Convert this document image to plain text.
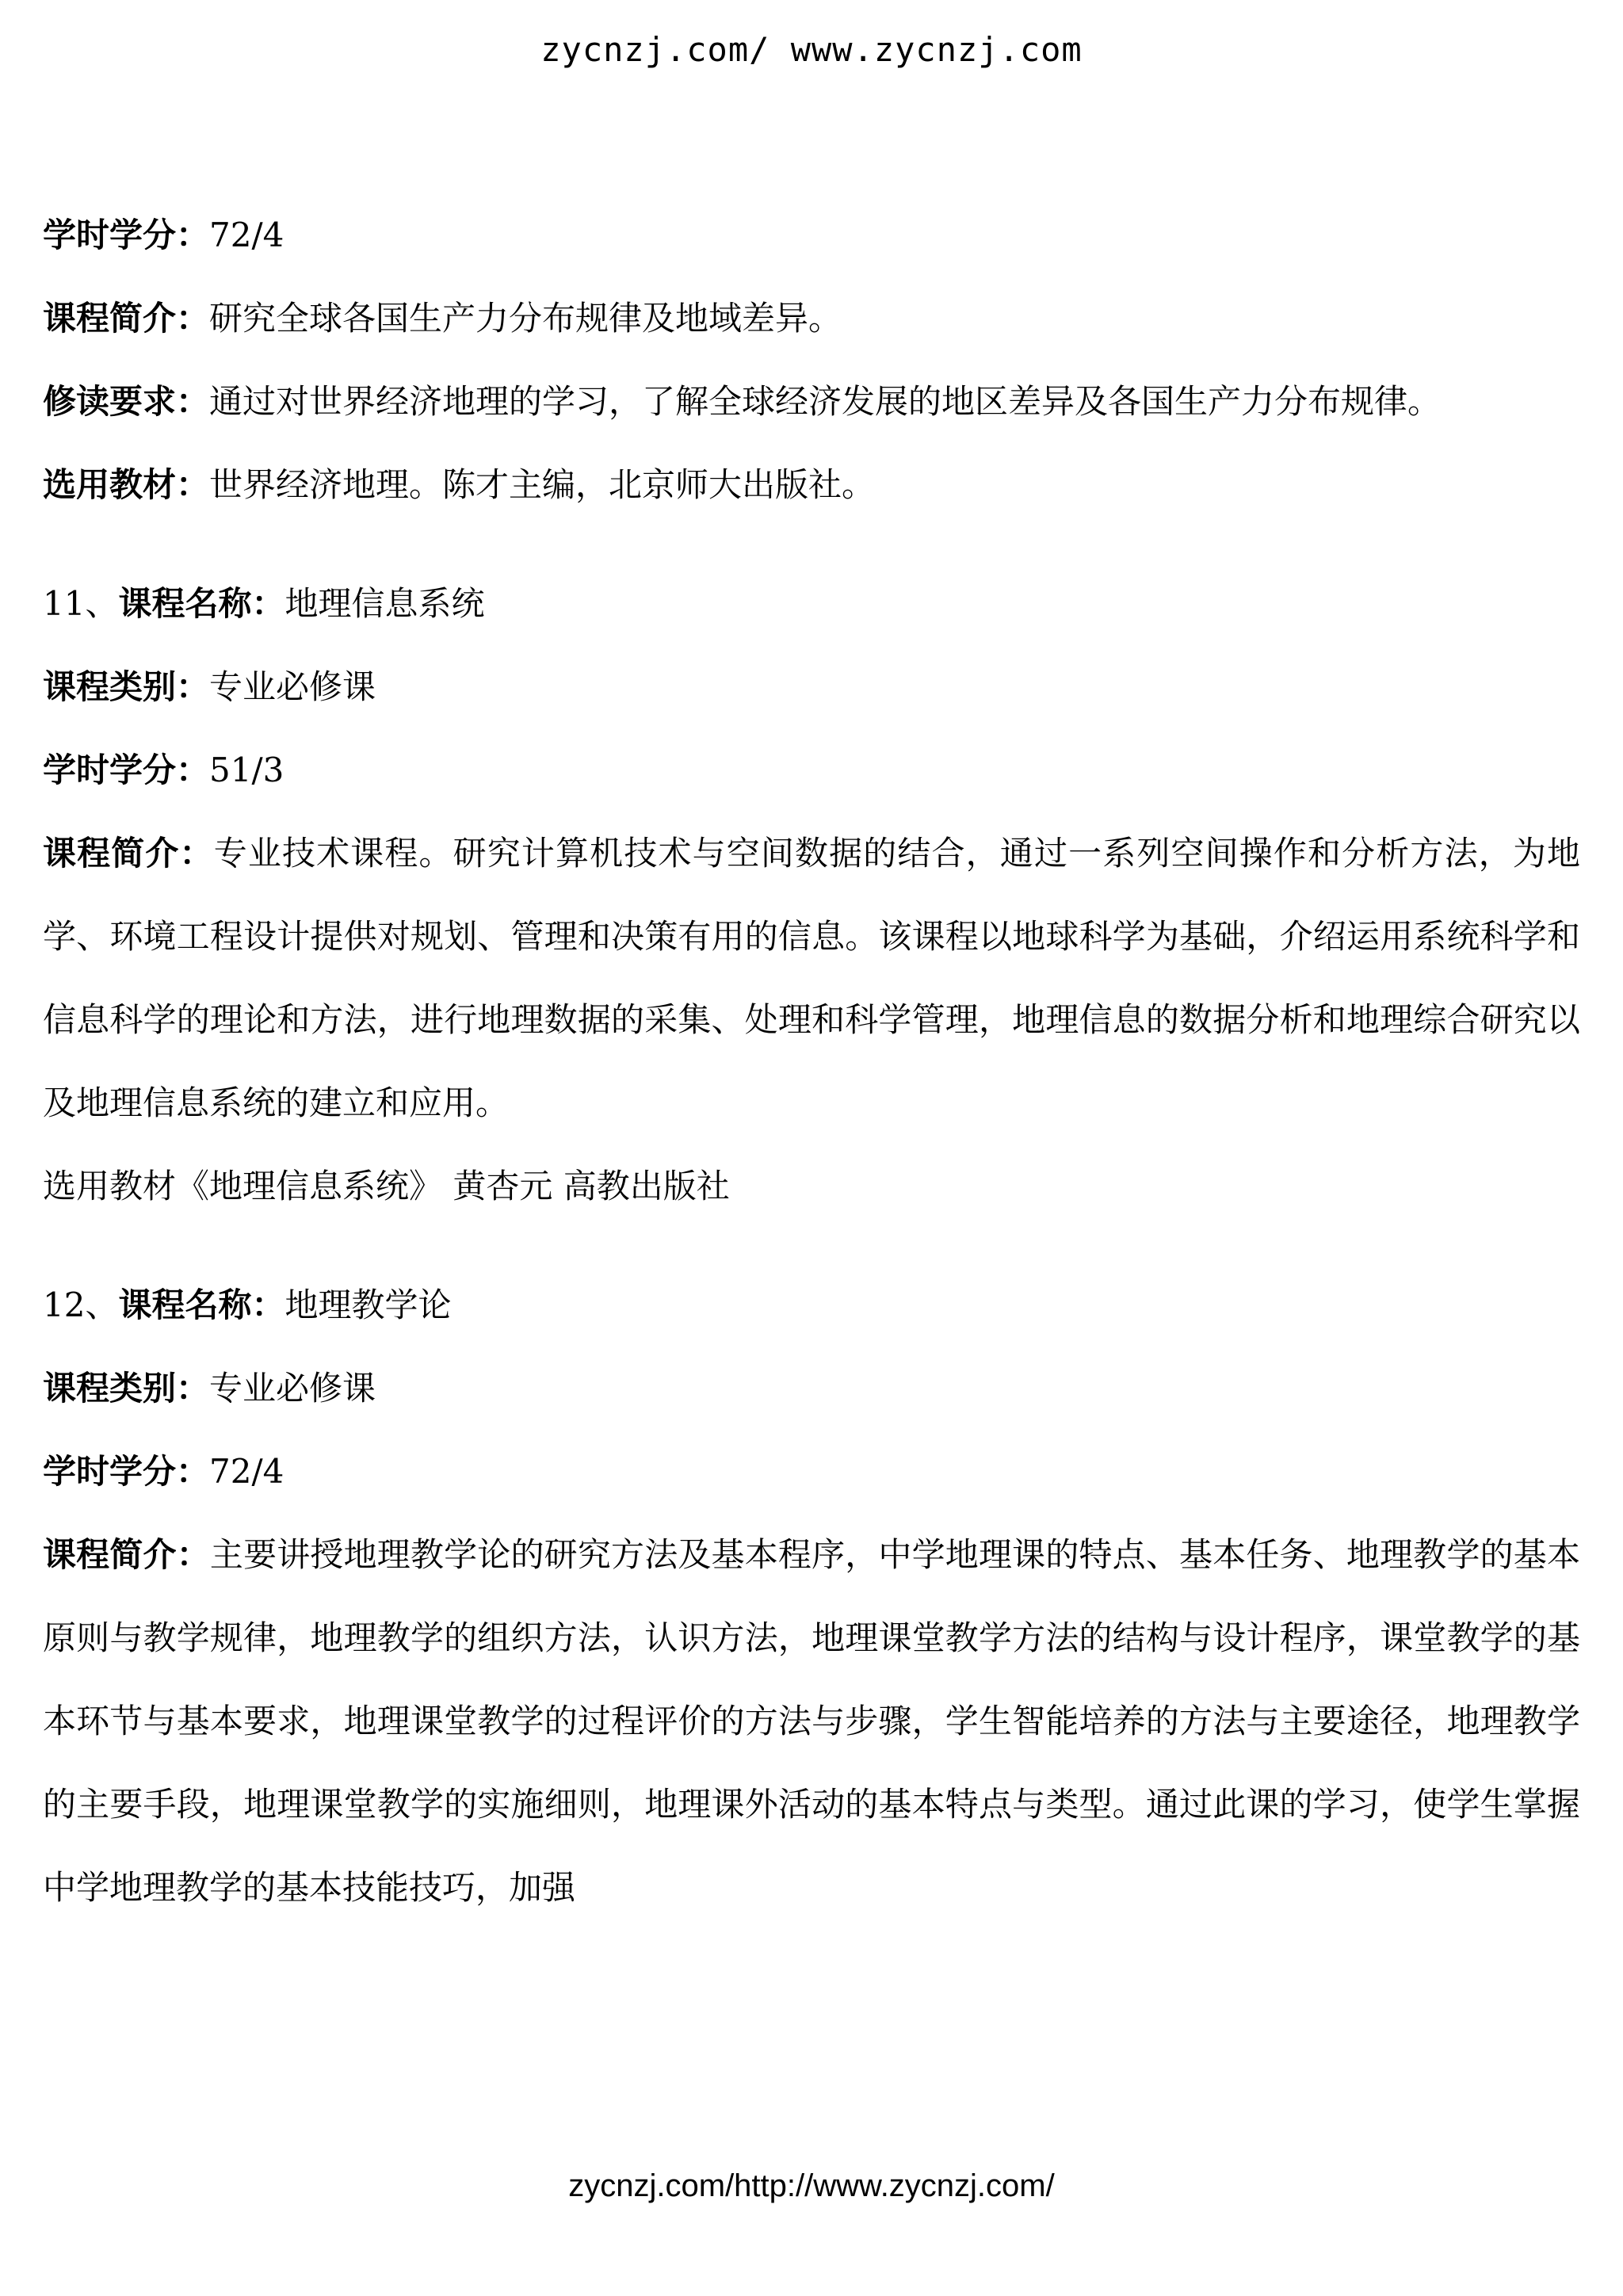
zycnzj.com/ www.zycnzj.com

学时学分：72/4

课程简介：研究全球各国生产力分布规律及地域差异。

修读要求：通过对世界经济地理的学习，了解全球经济发展的地区差异及各国生产力分布规律。

选用教材：世界经济地理。陈才主编，北京师大出版社。

11、课程名称：地理信息系统

课程类别：专业必修课

学时学分：51/3

课程简介：专业技术课程。研究计算机技术与空间数据的结合，通过一系列空间操作和分析方法，为地学、环境工程设计提供对规划、管理和决策有用的信息。该课程以地球科学为基础，介绍运用系统科学和信息科学的理论和方法，进行地理数据的采集、处理和科学管理，地理信息的数据分析和地理综合研究以及地理信息系统的建立和应用。

选用教材《地理信息系统》 黄杏元 高教出版社

12、课程名称：地理教学论

课程类别：专业必修课

学时学分：72/4

课程简介：主要讲授地理教学论的研究方法及基本程序，中学地理课的特点、基本任务、地理教学的基本原则与教学规律，地理教学的组织方法，认识方法，地理课堂教学方法的结构与设计程序，课堂教学的基本环节与基本要求，地理课堂教学的过程评价的方法与步骤，学生智能培养的方法与主要途径，地理教学的主要手段，地理课堂教学的实施细则，地理课外活动的基本特点与类型。通过此课的学习，使学生掌握中学地理教学的基本技能技巧，加强

zycnzj.com/http://www.zycnzj.com/
